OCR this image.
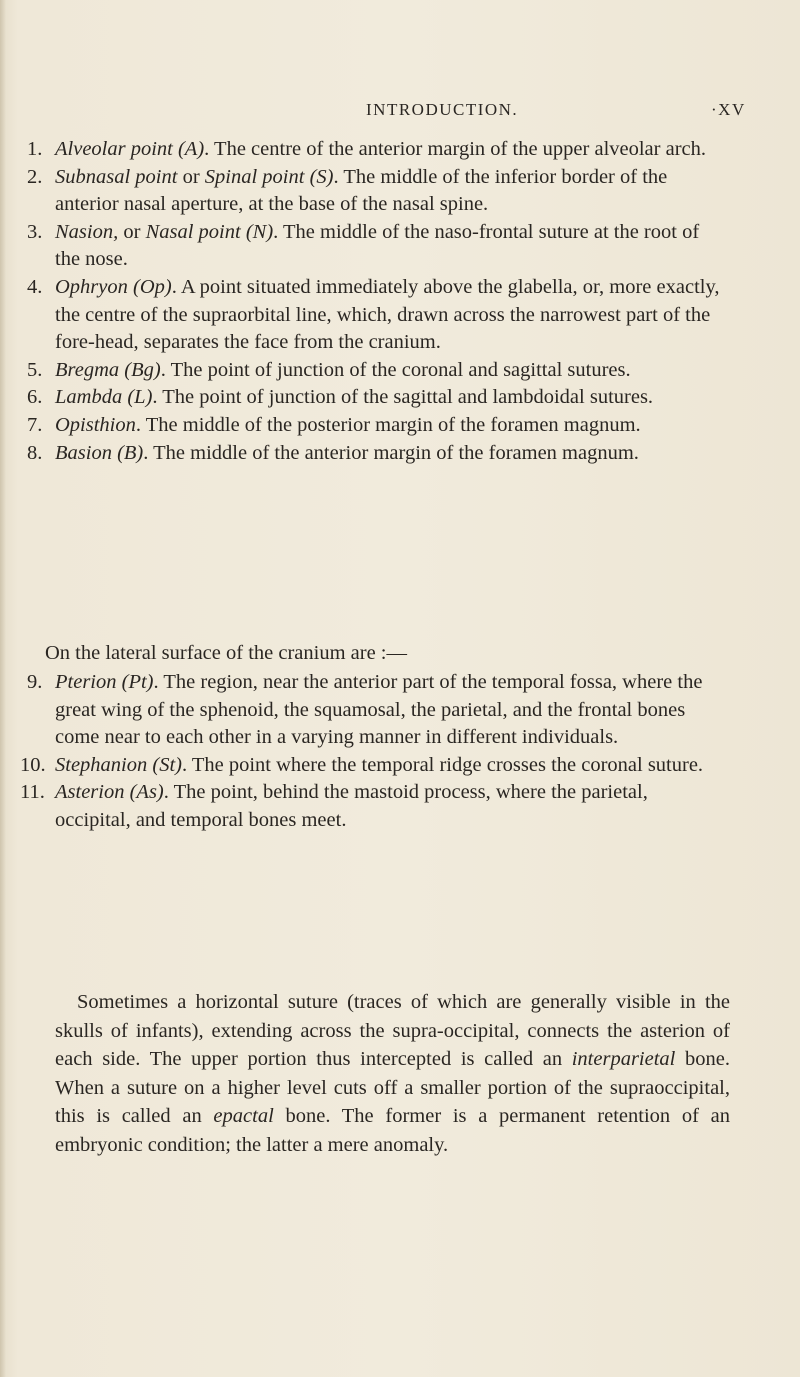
INTRODUCTION.	·XV
1. Alveolar point (A). The centre of the anterior margin of the upper alveolar arch.
2. Subnasal point or Spinal point (S). The middle of the inferior border of the anterior nasal aperture, at the base of the nasal spine.
3. Nasion, or Nasal point (N). The middle of the naso-frontal suture at the root of the nose.
4. Ophryon (Op). A point situated immediately above the glabella, or, more exactly, the centre of the supraorbital line, which, drawn across the narrowest part of the fore-head, separates the face from the cranium.
5. Bregma (Bg). The point of junction of the coronal and sagittal sutures.
6. Lambda (L). The point of junction of the sagittal and lambdoidal sutures.
7. Opisthion. The middle of the posterior margin of the foramen magnum.
8. Basion (B). The middle of the anterior margin of the foramen magnum.

On the lateral surface of the cranium are :—

9. Pterion (Pt). The region, near the anterior part of the temporal fossa, where the great wing of the sphenoid, the squamosal, the parietal, and the frontal bones come near to each other in a varying manner in different individuals.
10. Stephanion (St). The point where the temporal ridge crosses the coronal suture.
11. Asterion (As). The point, behind the mastoid process, where the parietal, occipital, and temporal bones meet.

Sometimes a horizontal suture (traces of which are generally visible in the skulls of infants), extending across the supra-occipital, connects the asterion of each side. The upper portion thus intercepted is called an interparietal bone. When a suture on a higher level cuts off a smaller portion of the supraoccipital, this is called an epactal bone. The former is a permanent retention of an embryonic condition; the latter a mere anomaly.
